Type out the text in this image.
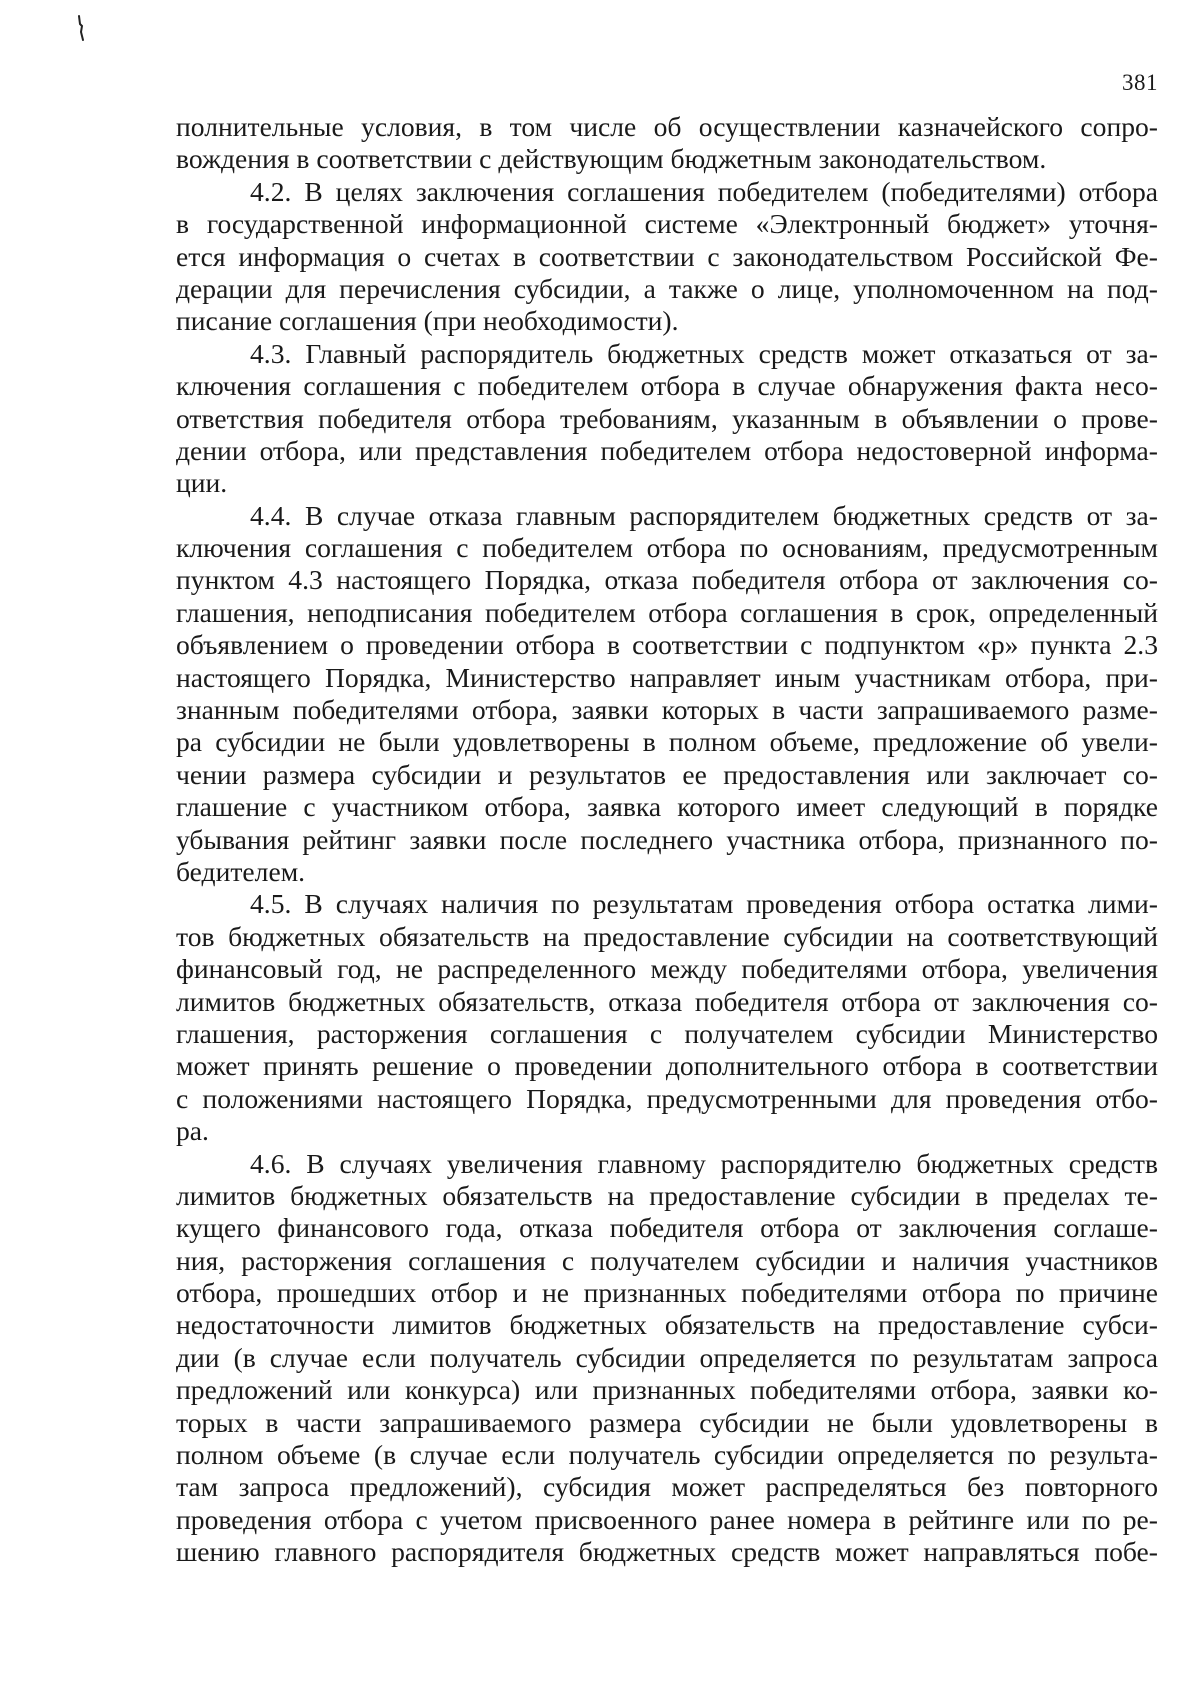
381
полнительные условия, в том числе об осуществлении казначейского сопро-
вождения в соответствии с действующим бюджетным законодательством.
4.2. В целях заключения соглашения победителем (победителями) отбора
в государственной информационной системе «Электронный бюджет» уточня-
ется информация о счетах в соответствии с законодательством Российской Фе-
дерации для перечисления субсидии, а также о лице, уполномоченном на под-
писание соглашения (при необходимости).
4.3. Главный распорядитель бюджетных средств может отказаться от за-
ключения соглашения с победителем отбора в случае обнаружения факта несо-
ответствия победителя отбора требованиям, указанным в объявлении о прове-
дении отбора, или представления победителем отбора недостоверной информа-
ции.
4.4. В случае отказа главным распорядителем бюджетных средств от за-
ключения соглашения с победителем отбора по основаниям, предусмотренным
пунктом 4.3 настоящего Порядка, отказа победителя отбора от заключения со-
глашения, неподписания победителем отбора соглашения в срок, определенный
объявлением о проведении отбора в соответствии с подпунктом «р» пункта 2.3
настоящего Порядка, Министерство направляет иным участникам отбора, при-
знанным победителями отбора, заявки которых в части запрашиваемого разме-
ра субсидии не были удовлетворены в полном объеме, предложение об увели-
чении размера субсидии и результатов ее предоставления или заключает со-
глашение с участником отбора, заявка которого имеет следующий в порядке
убывания рейтинг заявки после последнего участника отбора, признанного по-
бедителем.
4.5. В случаях наличия по результатам проведения отбора остатка лими-
тов бюджетных обязательств на предоставление субсидии на соответствующий
финансовый год, не распределенного между победителями отбора, увеличения
лимитов бюджетных обязательств, отказа победителя отбора от заключения со-
глашения, расторжения соглашения с получателем субсидии Министерство
может принять решение о проведении дополнительного отбора в соответствии
с положениями настоящего Порядка, предусмотренными для проведения отбо-
ра.
4.6. В случаях увеличения главному распорядителю бюджетных средств
лимитов бюджетных обязательств на предоставление субсидии в пределах те-
кущего финансового года, отказа победителя отбора от заключения соглаше-
ния, расторжения соглашения с получателем субсидии и наличия участников
отбора, прошедших отбор и не признанных победителями отбора по причине
недостаточности лимитов бюджетных обязательств на предоставление субси-
дии (в случае если получатель субсидии определяется по результатам запроса
предложений или конкурса) или признанных победителями отбора, заявки ко-
торых в части запрашиваемого размера субсидии не были удовлетворены в
полном объеме (в случае если получатель субсидии определяется по результа-
там запроса предложений), субсидия может распределяться без повторного
проведения отбора с учетом присвоенного ранее номера в рейтинге или по ре-
шению главного распорядителя бюджетных средств может направляться побе-
